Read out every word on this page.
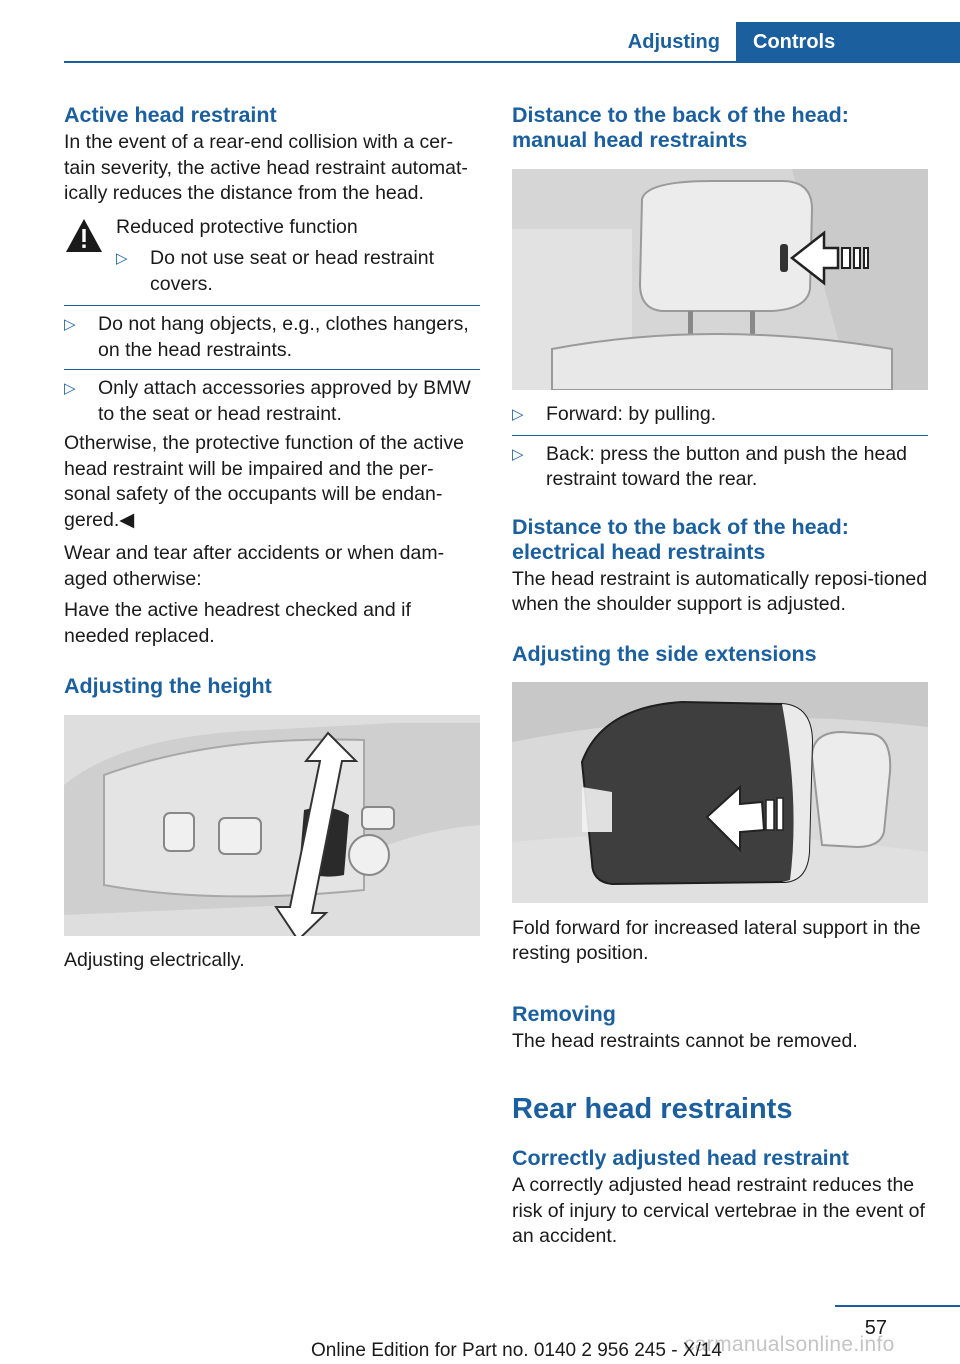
Adjusting	Controls
Active head restraint

In the event of a rear-end collision with a cer‐tain severity, the active head restraint automat‐ically reduces the distance from the head.

Reduced protective function

▷ Do not use seat or head restraint covers.
▷ Do not hang objects, e.g., clothes hangers, on the head restraints.
▷ Only attach accessories approved by BMW to the seat or head restraint.

Otherwise, the protective function of the active head restraint will be impaired and the per‐sonal safety of the occupants will be endan‐gered.◀

Wear and tear after accidents or when dam‐aged otherwise:

Have the active headrest checked and if needed replaced.

Adjusting the height

Adjusting electrically.

Distance to the back of the head: manual head restraints
▷ Forward: by pulling.
▷ Back: press the button and push the head restraint toward the rear.
Distance to the back of the head: electrical head restraints

The head restraint is automatically reposi‐tioned when the shoulder support is adjusted.

Adjusting the side extensions

Fold forward for increased lateral support in the resting position.

Removing

The head restraints cannot be removed.

Rear head restraints
Correctly adjusted head restraint

A correctly adjusted head restraint reduces the risk of injury to cervical vertebrae in the event of an accident.

57
carmanualsonline.info
Online Edition for Part no. 0140 2 956 245 - X/14
